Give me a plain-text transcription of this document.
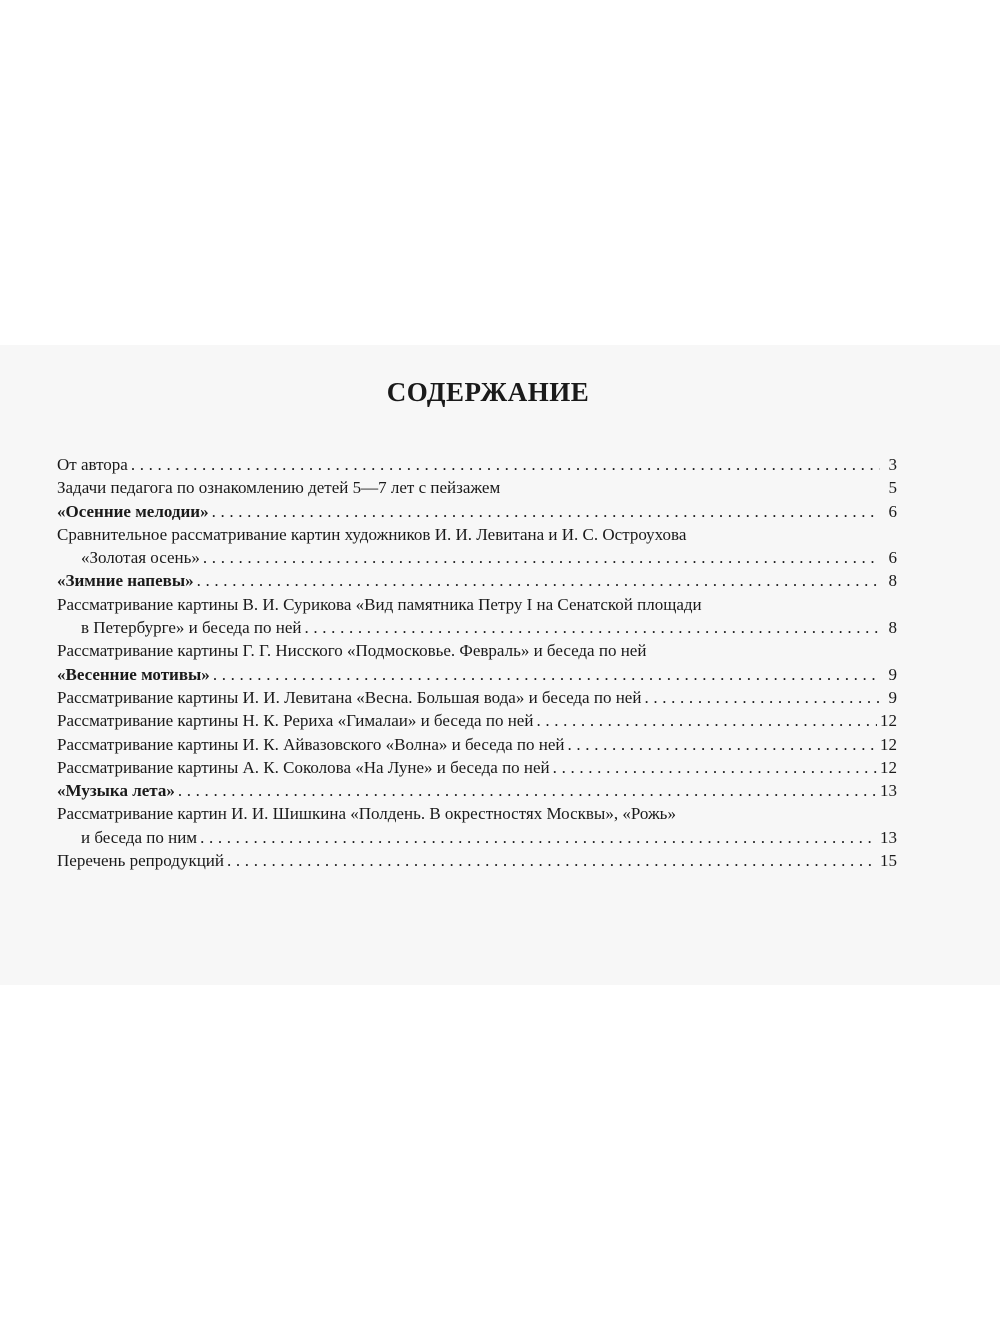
СОДЕРЖАНИЕ
От автора . . .	3
Задачи педагога по ознакомлению детей 5—7 лет с пейзажем	5
«Осенние мелодии» . . .	6
Сравнительное рассматривание картин художников И. И. Левитана и И. С. Остроухова
«Золотая осень» . . .	6
«Зимние напевы» . . .	8
Рассматривание картины В. И. Сурикова «Вид памятника Петру I на Сенатской площади
в Петербурге» и беседа по ней . . .	8
Рассматривание картины Г. Г. Нисского «Подмосковье. Февраль» и беседа по ней
«Весенние мотивы» . . .	9
Рассматривание картины И. И. Левитана «Весна. Большая вода» и беседа по ней . . .	9
Рассматривание картины Н. К. Рериха «Гималаи» и беседа по ней . . .	12
Рассматривание картины И. К. Айвазовского «Волна» и беседа по ней . . .	12
Рассматривание картины А. К. Соколова «На Луне» и беседа по ней . . .	12
«Музыка лета» . . .	13
Рассматривание картин И. И. Шишкина «Полдень. В окрестностях Москвы», «Рожь»
и беседа по ним . . .	13
Перечень репродукций . . .	15
